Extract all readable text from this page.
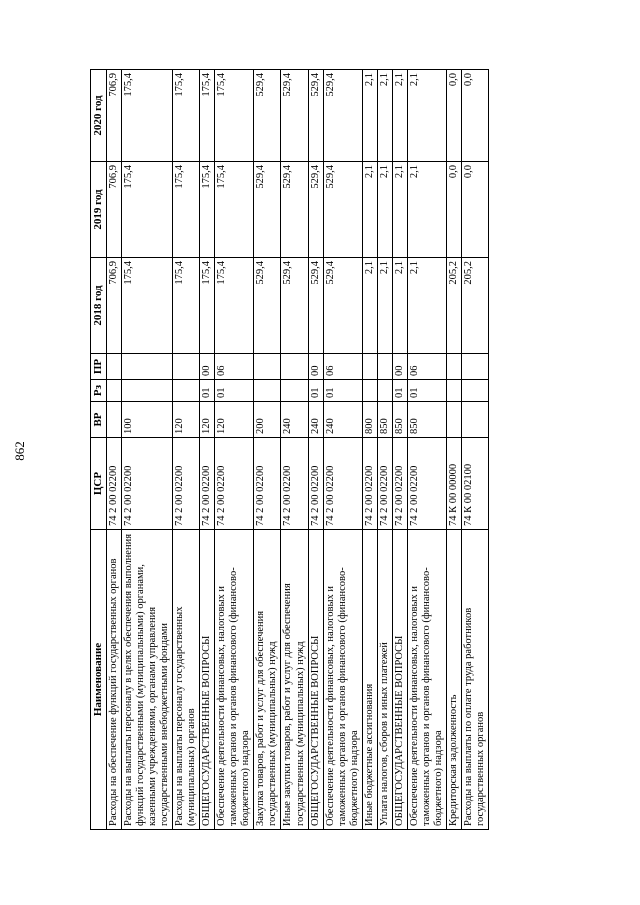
862
Наименование	ЦСР	ВР	Рз	ПР	2018 год	2019 год	2020 год
Расходы на обеспечение функций государственных органов	74 2 00 02200				706,9	706,9	706,9
Расходы на выплаты персоналу в целях обеспечения выполнения функций государственными (муниципальными) органами, казенными учреждениями, органами управления государственными внебюджетными фондами	74 2 00 02200	100			175,4	175,4	175,4
Расходы на выплаты персоналу государственных (муниципальных) органов	74 2 00 02200	120			175,4	175,4	175,4
ОБЩЕГОСУДАРСТВЕННЫЕ ВОПРОСЫ	74 2 00 02200	120	01	00	175,4	175,4	175,4
Обеспечение деятельности финансовых, налоговых и таможенных органов и органов финансового (финансово-бюджетного) надзора	74 2 00 02200	120	01	06	175,4	175,4	175,4
Закупка товаров, работ и услуг для обеспечения государственных (муниципальных) нужд	74 2 00 02200	200			529,4	529,4	529,4
Иные закупки товаров, работ и услуг для обеспечения государственных (муниципальных) нужд	74 2 00 02200	240			529,4	529,4	529,4
ОБЩЕГОСУДАРСТВЕННЫЕ ВОПРОСЫ	74 2 00 02200	240	01	00	529,4	529,4	529,4
Обеспечение деятельности финансовых, налоговых и таможенных органов и органов финансового (финансово-бюджетного) надзора	74 2 00 02200	240	01	06	529,4	529,4	529,4
Иные бюджетные ассигнования	74 2 00 02200	800			2,1	2,1	2,1
Уплата налогов, сборов и иных платежей	74 2 00 02200	850			2,1	2,1	2,1
ОБЩЕГОСУДАРСТВЕННЫЕ ВОПРОСЫ	74 2 00 02200	850	01	00	2,1	2,1	2,1
Обеспечение деятельности финансовых, налоговых и таможенных органов и органов финансового (финансово-бюджетного) надзора	74 2 00 02200	850	01	06	2,1	2,1	2,1
Кредиторская задолженность	74 К 00 00000				205,2	0,0	0,0
Расходы на выплаты по оплате труда работников государственных органов	74 К 00 02100				205,2	0,0	0,0
